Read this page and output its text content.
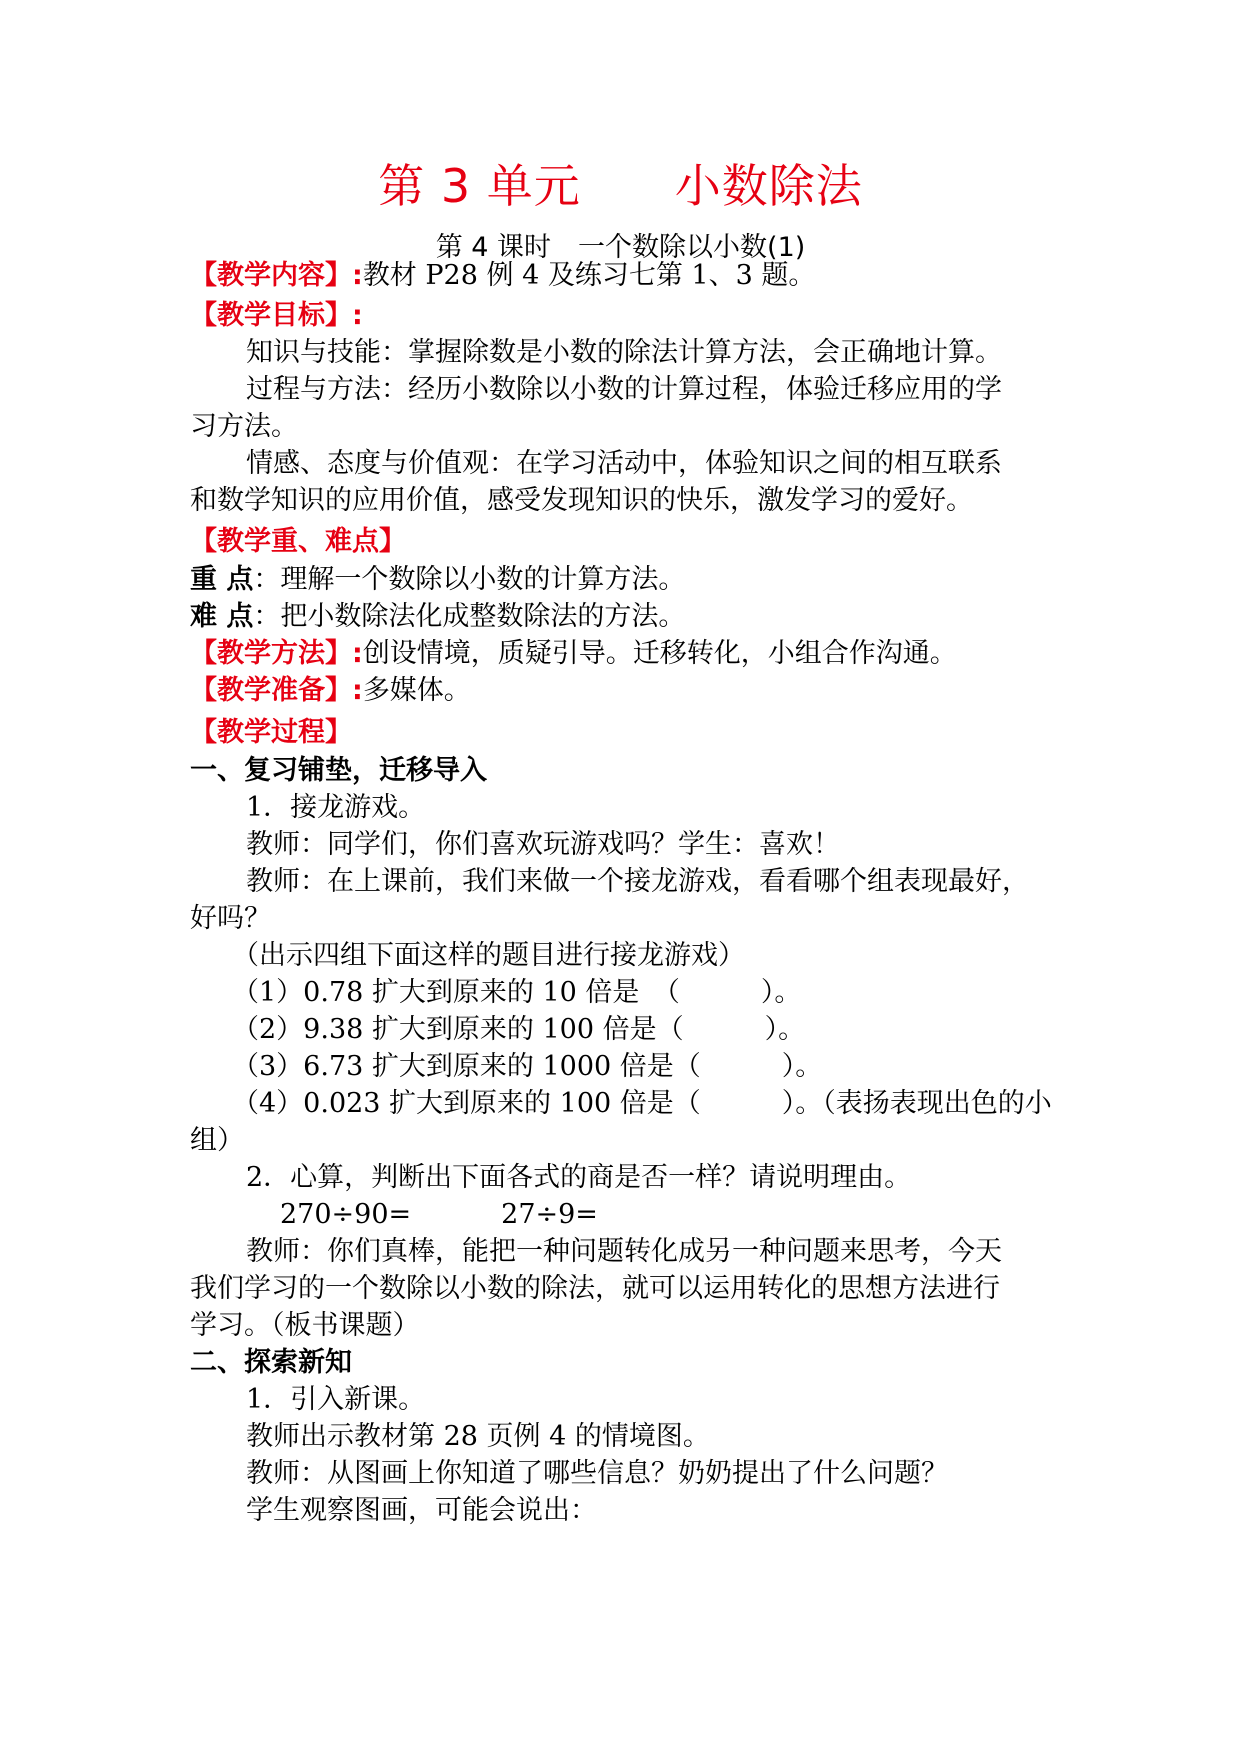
第 3 单元　　小数除法
第 4 课时　一个数除以小数(1)
【教学内容】:教材 P28 例 4 及练习七第 1、3 题。
【教学目标】:
知识与技能：掌握除数是小数的除法计算方法，会正确地计算。
过程与方法：经历小数除以小数的计算过程，体验迁移应用的学
习方法。
情感、态度与价值观：在学习活动中，体验知识之间的相互联系
和数学知识的应用价值，感受发现知识的快乐，激发学习的爱好。
【教学重、难点】
重 点：理解一个数除以小数的计算方法。
难 点：把小数除法化成整数除法的方法。
【教学方法】:创设情境，质疑引导。迁移转化，小组合作沟通。
【教学准备】:多媒体。
【教学过程】
一、复习铺垫，迁移导入
1．接龙游戏。
教师：同学们，你们喜欢玩游戏吗？学生：喜欢！
教师：在上课前，我们来做一个接龙游戏，看看哪个组表现最好，
好吗？
（出示四组下面这样的题目进行接龙游戏）
（1）0.78 扩大到原来的 10 倍是　（　　　）。
（2）9.38 扩大到原来的 100 倍是（　　　）。
（3）6.73 扩大到原来的 1000 倍是（　　　）。
（4）0.023 扩大到原来的 100 倍是（　　　）。（表扬表现出色的小
组）
2．心算，判断出下面各式的商是否一样？请说明理由。
270÷90=	27÷9=
教师：你们真棒，能把一种问题转化成另一种问题来思考，今天
我们学习的一个数除以小数的除法，就可以运用转化的思想方法进行
学习。（板书课题）
二、探索新知
1．引入新课。
教师出示教材第 28 页例 4 的情境图。
教师：从图画上你知道了哪些信息？奶奶提出了什么问题？
学生观察图画，可能会说出：
